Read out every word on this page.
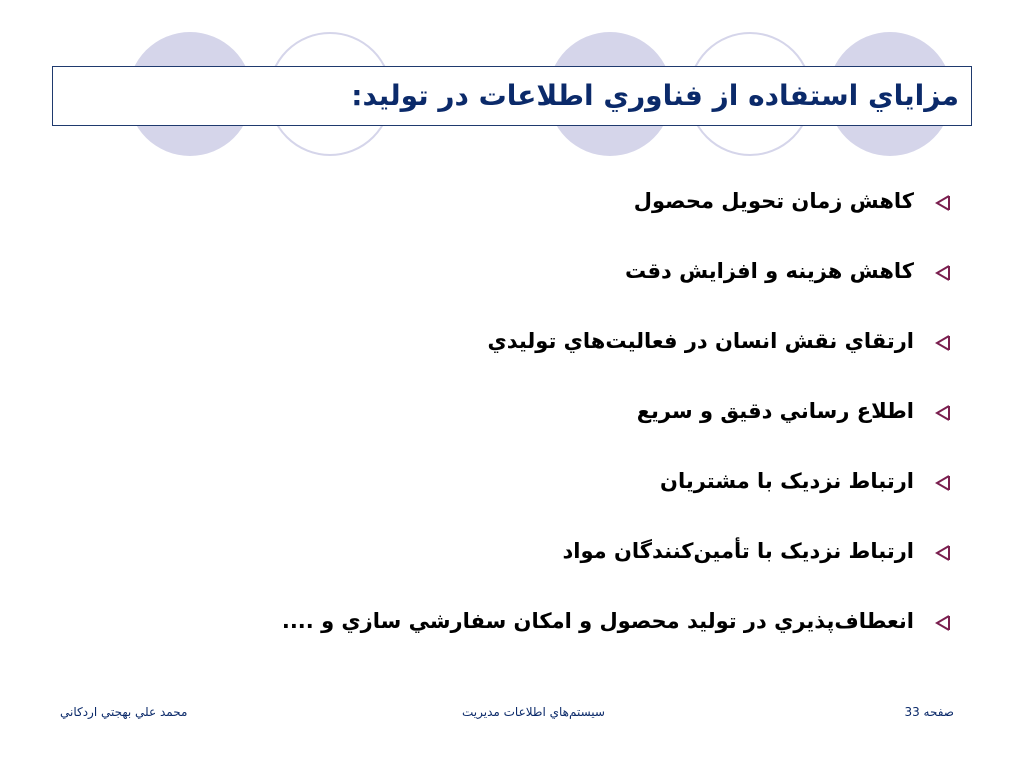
مزاياي استفاده از فناوري اطلاعات در توليد:
كاهش زمان تحويل محصول
كاهش هزينه و افزايش دقت
ارتقاي نقش انسان در فعاليت‌هاي توليدي
اطلاع رساني دقيق و سريع
ارتباط نزديک با مشتريان
ارتباط نزديک با تأمين‌كنندگان مواد
انعطاف‌پذيري در توليد محصول و امكان سفارشي سازي و ....
محمد علي بهجتي اردكاني	سيستم‌هاي اطلاعات مديريت	صفحه 33
